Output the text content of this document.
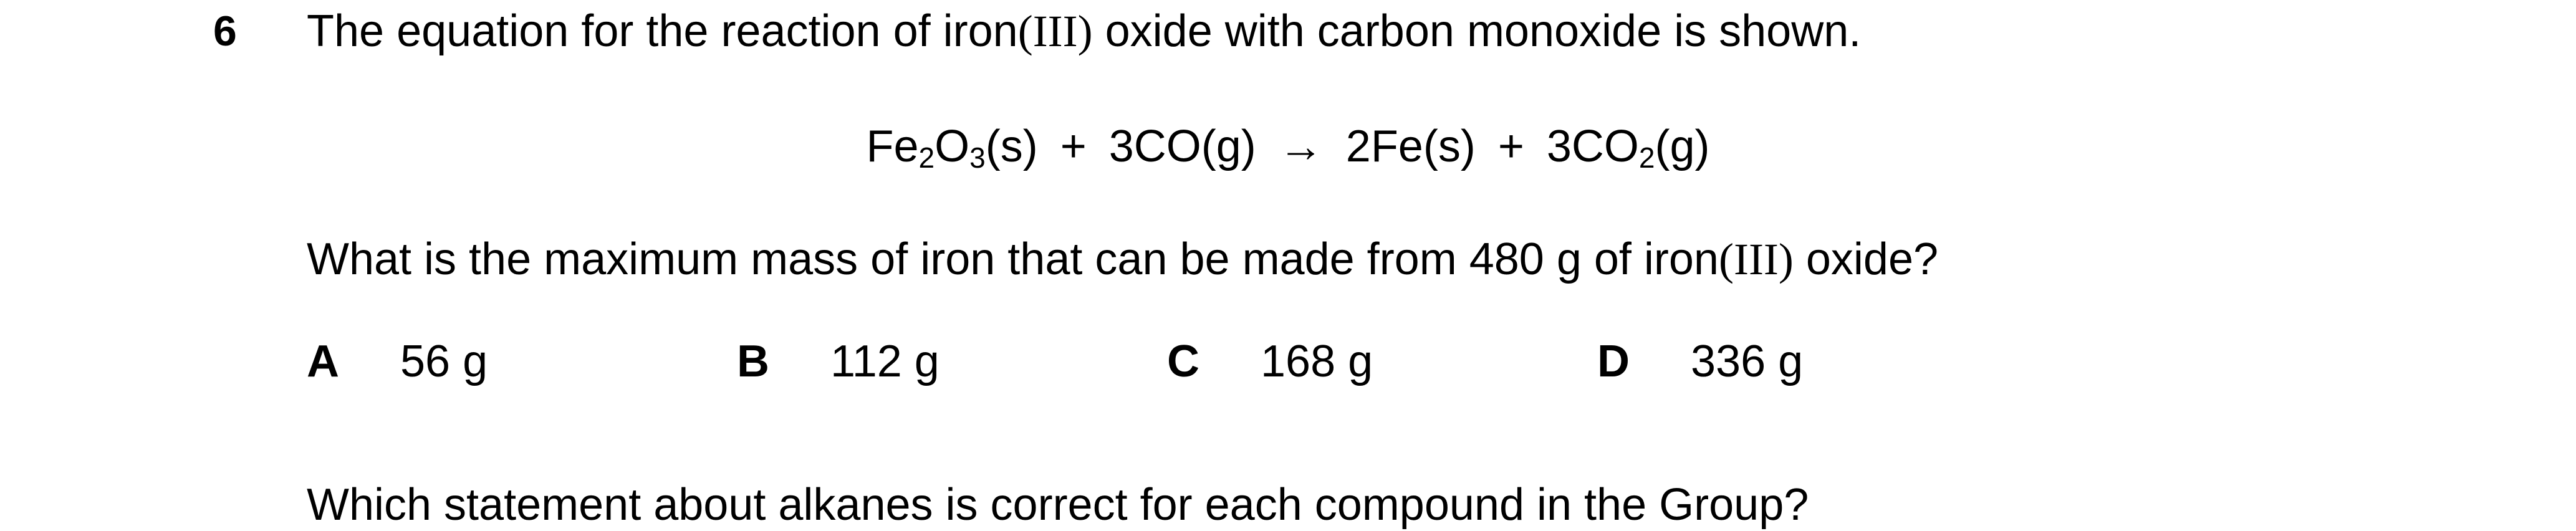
6 The equation for the reaction of iron(III) oxide with carbon monoxide is shown.
$Fe_2O_3(s) + 3CO(g) \to 2Fe(s) + 3CO_2(g)$
What is the maximum mass of iron that can be made from 480 g of iron(III) oxide?
A 56 g	B 112 g	C 168 g	D 336 g
Which statement about alkanes is correct for each compound in the Group?
